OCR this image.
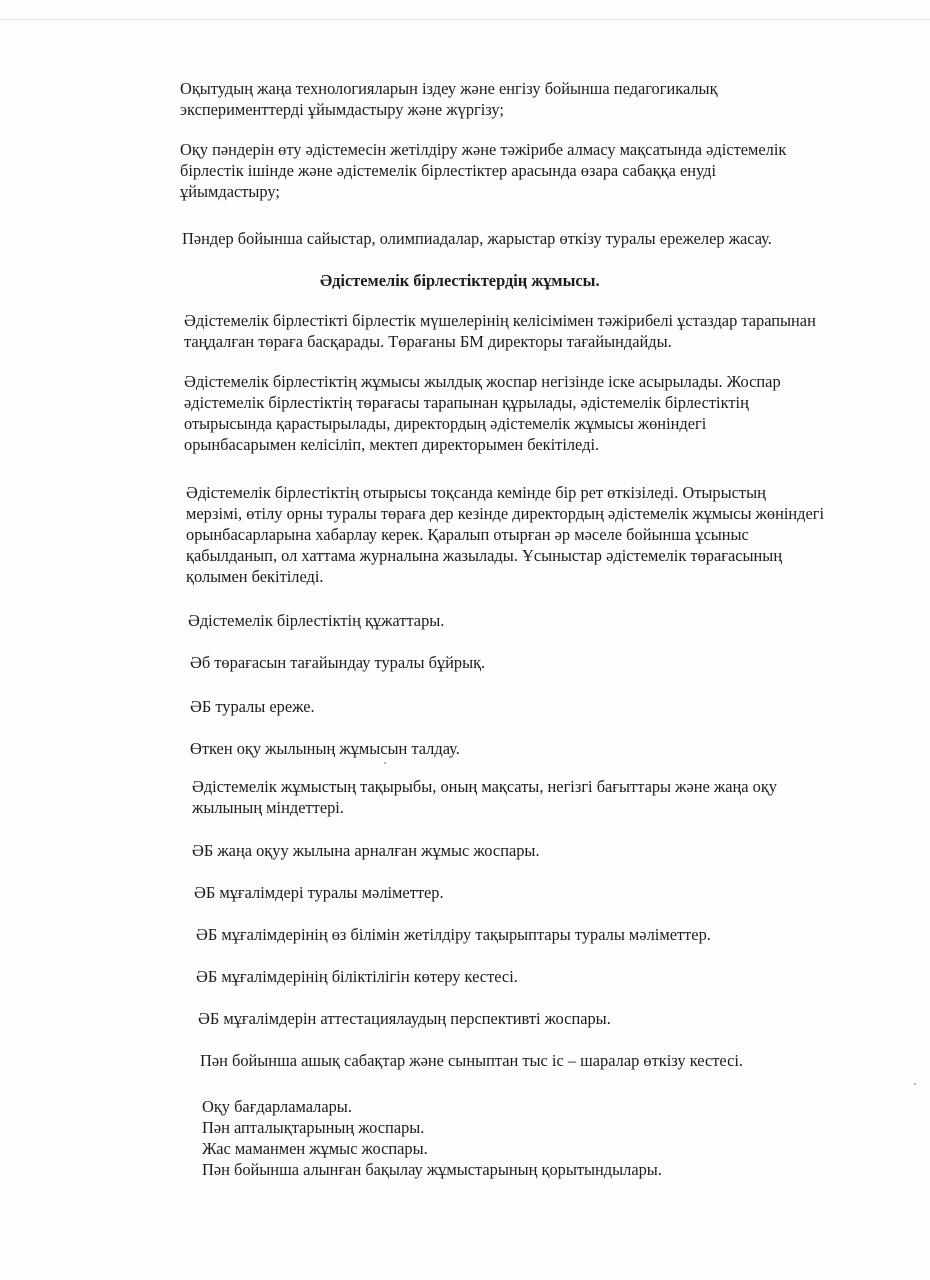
Оқытудың жаңа технологияларын іздеу және енгізу бойынша педагогикалық
эксперименттерді ұйымдастыру және жүргізу;

Оқу пәндерін өту әдістемесін жетілдіру және тәжірибе алмасу мақсатында әдістемелік
бірлестік ішінде және әдістемелік бірлестіктер арасында өзара сабаққа енуді
ұйымдастыру;

Пәндер бойынша сайыстар, олимпиадалар, жарыстар өткізу туралы ережелер жасау.

Әдістемелік бірлестіктердің жұмысы.

Әдістемелік бірлестікті бірлестік мүшелерінің келісімімен тәжірибелі ұстаздар тарапынан
таңдалған төраға басқарады. Төрағаны БМ директоры тағайындайды.

Әдістемелік бірлестіктің жұмысы жылдық жоспар негізінде іске асырылады. Жоспар
әдістемелік бірлестіктің төрағасы тарапынан құрылады, әдістемелік бірлестіктің
отырысында қарастырылады, директордың әдістемелік жұмысы жөніндегі
орынбасарымен келісіліп, мектеп директорымен бекітіледі.

Әдістемелік бірлестіктің отырысы тоқсанда кемінде бір рет өткізіледі. Отырыстың
мерзімі, өтілу орны туралы төраға дер кезінде директордың әдістемелік жұмысы жөніндегі
орынбасарларына хабарлау керек. Қаралып отырған әр мәселе бойынша ұсыныс
қабылданып, ол хаттама журналына жазылады. Ұсыныстар әдістемелік төрағасының
қолымен бекітіледі.

Әдістемелік бірлестіктің құжаттары.

Әб төрағасын тағайындау туралы бұйрық.

ӘБ туралы ереже.

Өткен оқу жылының жұмысын талдау.

Әдістемелік жұмыстың тақырыбы, оның мақсаты, негізгі бағыттары және жаңа оқу
жылының міндеттері.

ӘБ жаңа оқуу жылына арналған жұмыс жоспары.

ӘБ мұғалімдері туралы мәліметтер.

ӘБ мұғалімдерінің өз білімін жетілдіру тақырыптары туралы мәліметтер.

ӘБ мұғалімдерінің біліктілігін көтеру кестесі.

ӘБ мұғалімдерін аттестациялаудың перспективті жоспары.

Пән бойынша ашық сабақтар және сыныптан тыс іс – шаралар өткізу кестесі.

Оқу бағдарламалары.
Пән апталықтарының жоспары.
Жас маманмен жұмыс жоспары.
Пән бойынша алынған бақылау жұмыстарының қорытындылары.
